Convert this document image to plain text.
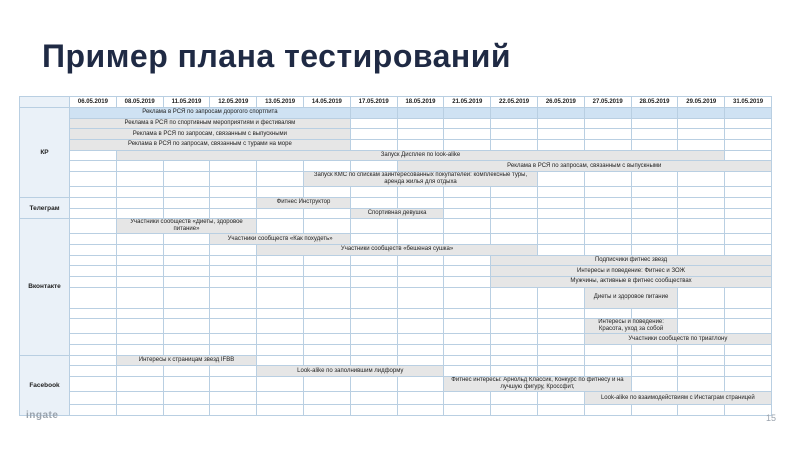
Пример плана тестирований
	06.05.2019	08.05.2019	11.05.2019	12.05.2019	13.05.2019	14.05.2019	17.05.2019	18.05.2019	21.05.2019	22.05.2019	26.05.2019	27.05.2019	28.05.2019	29.05.2019	31.05.2019
КР	Реклама в РСЯ по запросам дорогого спортпита														
	Реклама в РСЯ по спортивным мероприятиям и фестивалям														
	Реклама в РСЯ по запросам, связанным с выпускными														
	Реклама в РСЯ по запросам, связанным с турами на море														
		Запуск Дисплея по look-alike													
								Реклама в РСЯ по запросам, связанным с выпускными							
						Запуск КМС по спискам заинтересованных покупателей: комплексные туры, аренда жилья для отдыха									

Телеграм					Фитнес Инструктор										
							Спортивная девушка								
Вконтакте		Участники сообществ «Диеты, здоровое питание»													
				Участники сообществ «Как похудеть»											
					Участники сообществ «бешеная сушка»										
										Подписчики фитнес звезд					
										Интересы и поведение: Фитнес и ЗОЖ					
										Мужчины, активные в фитнес сообществах					
												Диеты и здоровое питание			

												Интересы и поведение: Красота, уход за собой			
												Участники сообществ по триатлону			

Facebook		Интересы к страницам звезд IFBB													
					Look-alike по заполнившим лидформу										
									Фитнес интересы: Арнольд Классик, Конкурс по фитнесу и на лучшую фигуру, Кроссфит,						
												Look-alike по взаимодействиям с Инстаграм страницей			

ingate	15
